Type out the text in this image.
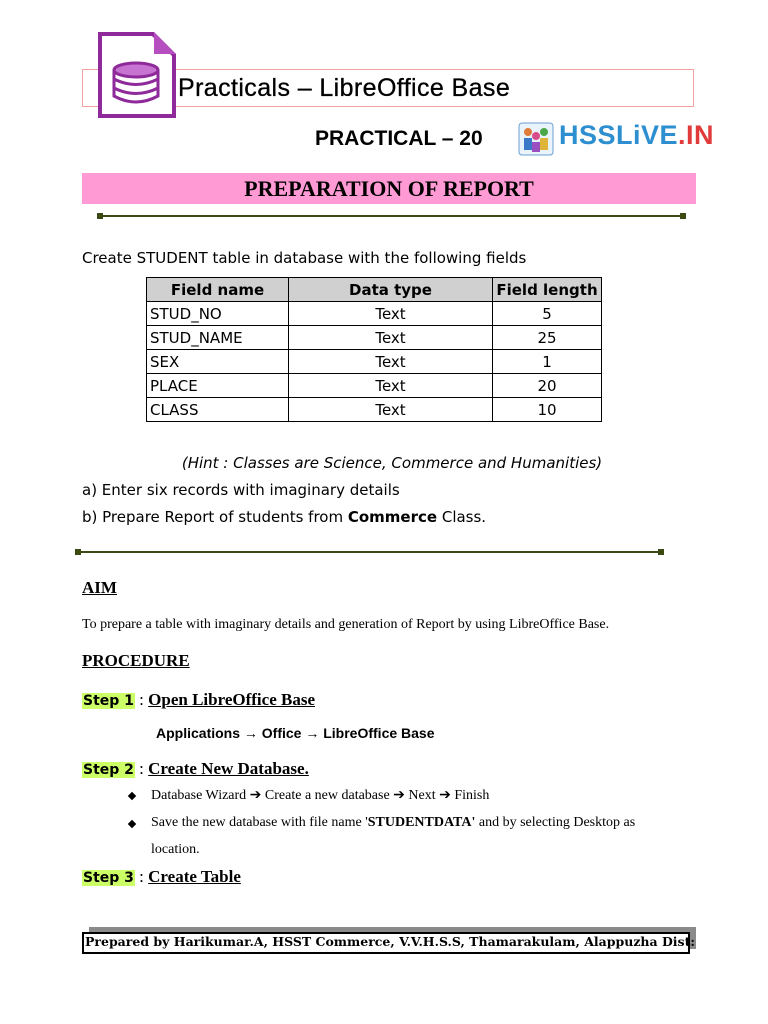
Practicals – LibreOffice Base
PRACTICAL – 20	HSSLiVE.IN
PREPARATION OF REPORT
Create STUDENT table in database with the following fields
Field name	Data type	Field length
STUD_NO	Text	5
STUD_NAME	Text	25
SEX	Text	1
PLACE	Text	20
CLASS	Text	10
(Hint : Classes are Science, Commerce and Humanities)
a) Enter six records with imaginary details
b) Prepare Report of students from Commerce Class.
AIM
To prepare a table with imaginary details and generation of Report by using LibreOffice Base.
PROCEDURE
Step 1 : Open LibreOffice Base
Applications → Office → LibreOffice Base
Step 2 : Create New Database.
Database Wizard ➔ Create a new database ➔ Next ➔ Finish
Save the new database with file name 'STUDENTDATA' and by selecting Desktop as
location.
Step 3 : Create Table
Prepared by Harikumar.A, HSST Commerce, V.V.H.S.S, Thamarakulam, Alappuzha Dist:
